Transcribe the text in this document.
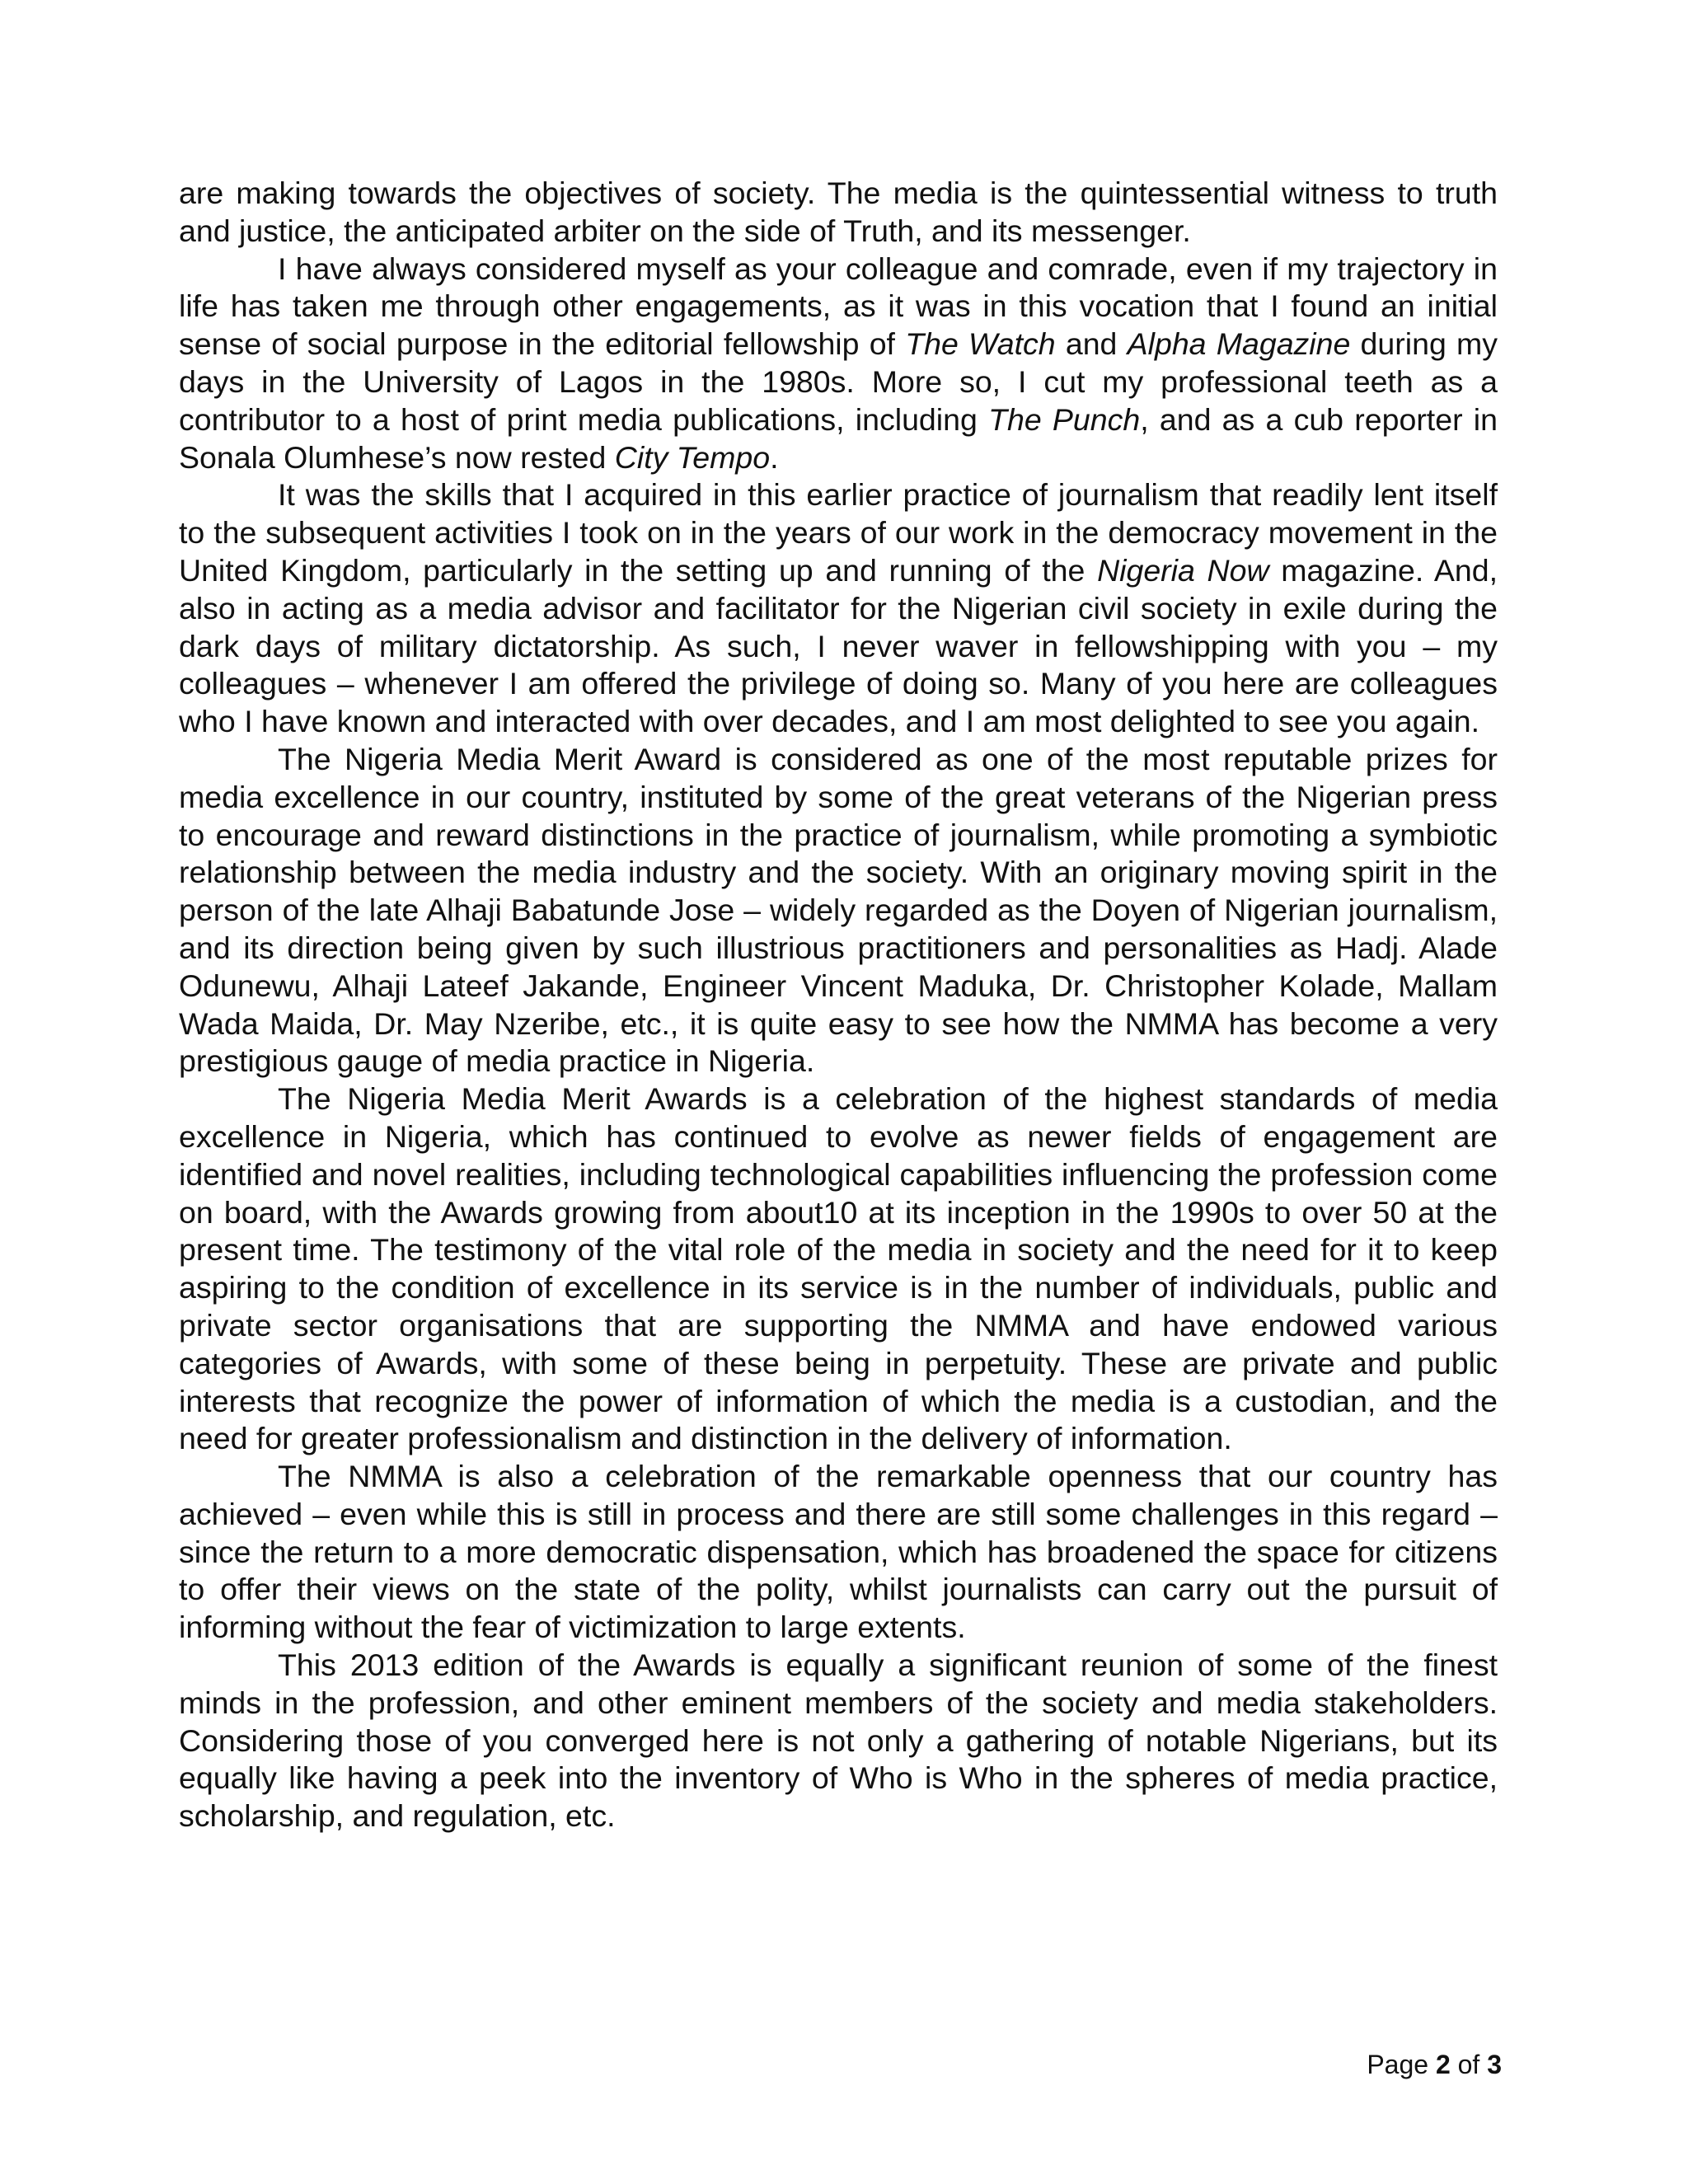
are making towards the objectives of society. The media is the quintessential witness to truth and justice, the anticipated arbiter on the side of Truth, and its messenger.

I have always considered myself as your colleague and comrade, even if my trajectory in life has taken me through other engagements, as it was in this vocation that I found an initial sense of social purpose in the editorial fellowship of The Watch and Alpha Magazine during my days in the University of Lagos in the 1980s. More so, I cut my professional teeth as a contributor to a host of print media publications, including The Punch, and as a cub reporter in Sonala Olumhese’s now rested City Tempo.

It was the skills that I acquired in this earlier practice of journalism that readily lent itself to the subsequent activities I took on in the years of our work in the democracy movement in the United Kingdom, particularly in the setting up and running of the Nigeria Now magazine. And, also in acting as a media advisor and facilitator for the Nigerian civil society in exile during the dark days of military dictatorship. As such, I never waver in fellowshipping with you – my colleagues – whenever I am offered the privilege of doing so. Many of you here are colleagues who I have known and interacted with over decades, and I am most delighted to see you again.

The Nigeria Media Merit Award is considered as one of the most reputable prizes for media excellence in our country, instituted by some of the great veterans of the Nigerian press to encourage and reward distinctions in the practice of journalism, while promoting a symbiotic relationship between the media industry and the society. With an originary moving spirit in the person of the late Alhaji Babatunde Jose – widely regarded as the Doyen of Nigerian journalism, and its direction being given by such illustrious practitioners and personalities as Hadj. Alade Odunewu, Alhaji Lateef Jakande, Engineer Vincent Maduka, Dr. Christopher Kolade, Mallam Wada Maida, Dr. May Nzeribe, etc., it is quite easy to see how the NMMA has become a very prestigious gauge of media practice in Nigeria.

The Nigeria Media Merit Awards is a celebration of the highest standards of media excellence in Nigeria, which has continued to evolve as newer fields of engagement are identified and novel realities, including technological capabilities influencing the profession come on board, with the Awards growing from about10 at its inception in the 1990s to over 50 at the present time. The testimony of the vital role of the media in society and the need for it to keep aspiring to the condition of excellence in its service is in the number of individuals, public and private sector organisations that are supporting the NMMA and have endowed various categories of Awards, with some of these being in perpetuity. These are private and public interests that recognize the power of information of which the media is a custodian, and the need for greater professionalism and distinction in the delivery of information.

The NMMA is also a celebration of the remarkable openness that our country has achieved – even while this is still in process and there are still some challenges in this regard – since the return to a more democratic dispensation, which has broadened the space for citizens to offer their views on the state of the polity, whilst journalists can carry out the pursuit of informing without the fear of victimization to large extents.

This 2013 edition of the Awards is equally a significant reunion of some of the finest minds in the profession, and other eminent members of the society and media stakeholders. Considering those of you converged here is not only a gathering of notable Nigerians, but its equally like having a peek into the inventory of Who is Who in the spheres of media practice, scholarship, and regulation, etc.

Page 2 of 3
